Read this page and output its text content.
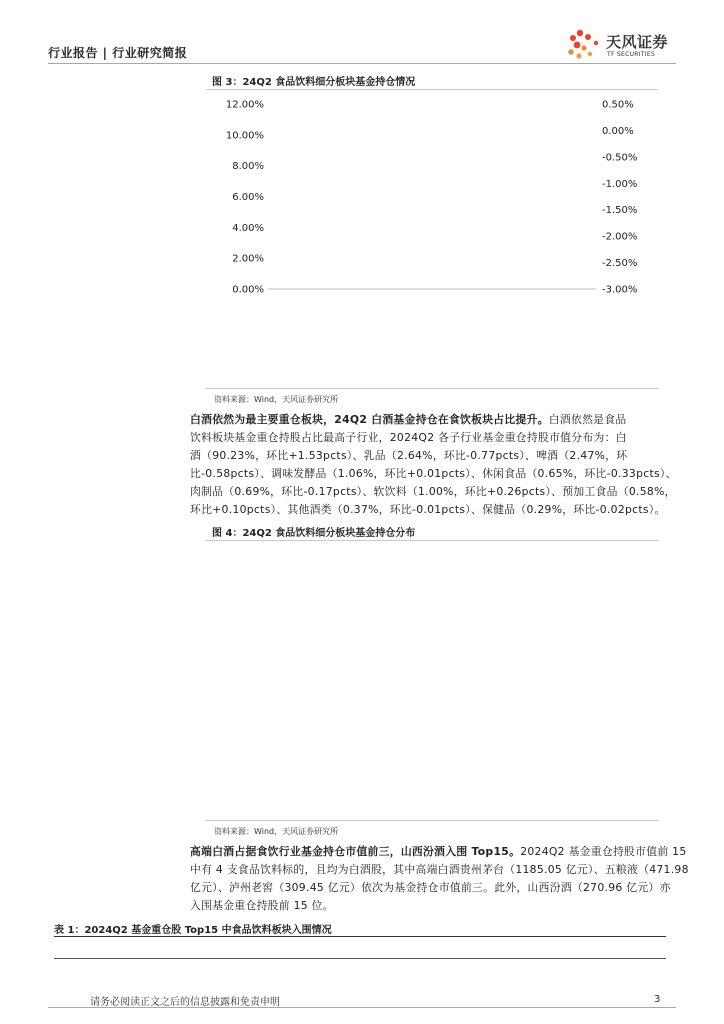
行业报告 | 行业研究简报
天风证券
TF SECURITIES
图 3：24Q2 食品饮料细分板块基金持仓情况
12.00%
10.00%
8.00%
6.00%
4.00%
2.00%
0.00%
0.50%
0.00%
-0.50%
-1.00%
-1.50%
-2.00%
-2.50%
-3.00%
资料来源：Wind，天风证券研究所
白酒依然为最主要重仓板块，24Q2 白酒基金持仓在食饮板块占比提升。白酒依然是食品
饮料板块基金重仓持股占比最高子行业，2024Q2 各子行业基金重仓持股市值分布为：白
酒（90.23%，环比+1.53pcts）、乳品（2.64%，环比-0.77pcts）、啤酒（2.47%，环
比-0.58pcts）、调味发酵品（1.06%，环比+0.01pcts）、休闲食品（0.65%，环比-0.33pcts）、
肉制品（0.69%，环比-0.17pcts）、软饮料（1.00%，环比+0.26pcts）、预加工食品（0.58%，
环比+0.10pcts）、其他酒类（0.37%，环比-0.01pcts）、保健品（0.29%，环比-0.02pcts）。
图 4：24Q2 食品饮料细分板块基金持仓分布
资料来源：Wind，天风证券研究所
高端白酒占据食饮行业基金持仓市值前三，山西汾酒入围 Top15。2024Q2 基金重仓持股市值前 15
中有 4 支食品饮料标的，且均为白酒股，其中高端白酒贵州茅台（1185.05 亿元）、五粮液（471.98
亿元）、泸州老窖（309.45 亿元）依次为基金持仓市值前三。此外，山西汾酒（270.96 亿元）亦
入围基金重仓持股前 15 位。
表 1：2024Q2 基金重仓股 Top15 中食品饮料板块入围情况
请务必阅读正文之后的信息披露和免责申明	3
